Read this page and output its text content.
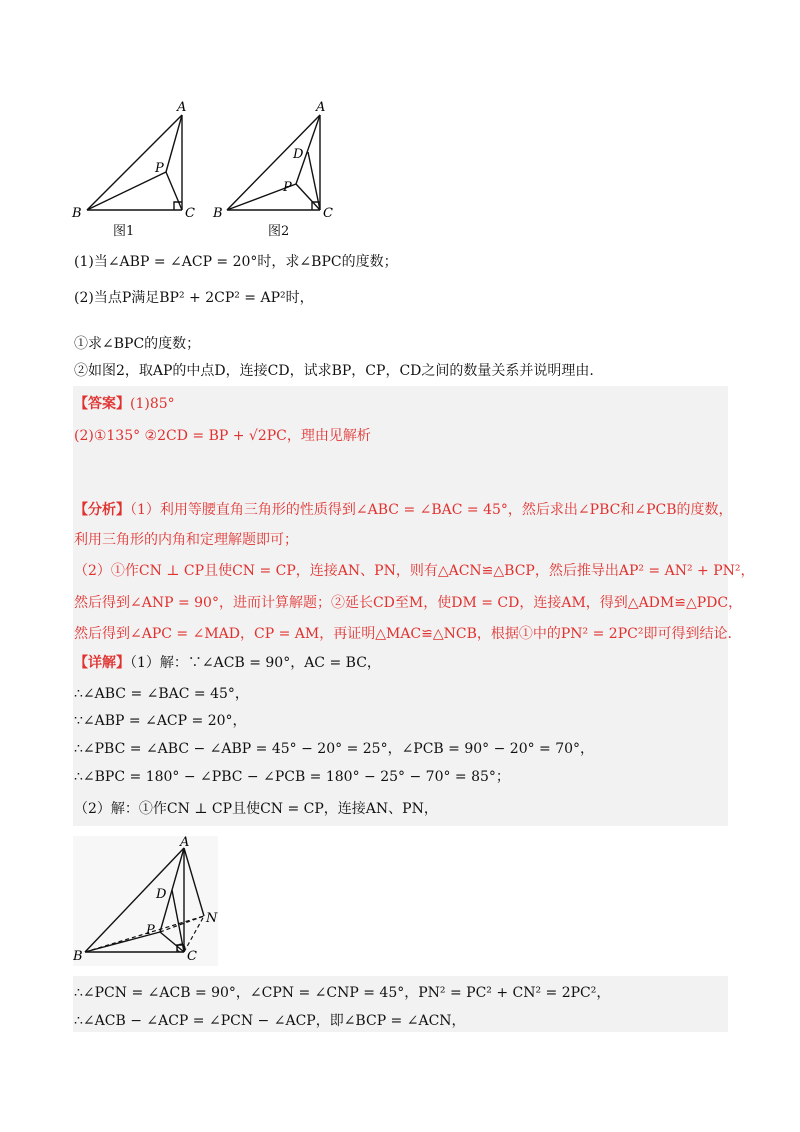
A
B	C
P
图1
A
B	C
D
P
图2
(1)当∠ABP = ∠ACP = 20°时，求∠BPC的度数；
(2)当点P满足BP² + 2CP² = AP²时，
①求∠BPC的度数；
②如图2，取AP的中点D，连接CD，试求BP，CP，CD之间的数量关系并说明理由.
【答案】(1)85°
(2)①135° ②2CD = BP + √2PC，理由见解析
【分析】（1）利用等腰直角三角形的性质得到∠ABC = ∠BAC = 45°，然后求出∠PBC和∠PCB的度数，
利用三角形的内角和定理解题即可；
（2）①作CN ⊥ CP且使CN = CP，连接AN、PN，则有△ACN≌△BCP，然后推导出AP² = AN² + PN²，
然后得到∠ANP = 90°，进而计算解题；②延长CD至M，使DM = CD，连接AM，得到△ADM≌△PDC，
然后得到∠APC = ∠MAD，CP = AM，再证明△MAC≌△NCB，根据①中的PN² = 2PC²即可得到结论.
【详解】（1）解：∵∠ACB = 90°，AC = BC，
∴∠ABC = ∠BAC = 45°，
∵∠ABP = ∠ACP = 20°，
∴∠PBC = ∠ABC − ∠ABP = 45° − 20° = 25°，∠PCB = 90° − 20° = 70°，
∴∠BPC = 180° − ∠PBC − ∠PCB = 180° − 25° − 70° = 85°；
（2）解：①作CN ⊥ CP且使CN = CP，连接AN、PN，
A
B	C
D
P
N
∴∠PCN = ∠ACB = 90°，∠CPN = ∠CNP = 45°，PN² = PC² + CN² = 2PC²，
∴∠ACB − ∠ACP = ∠PCN − ∠ACP，即∠BCP = ∠ACN，
